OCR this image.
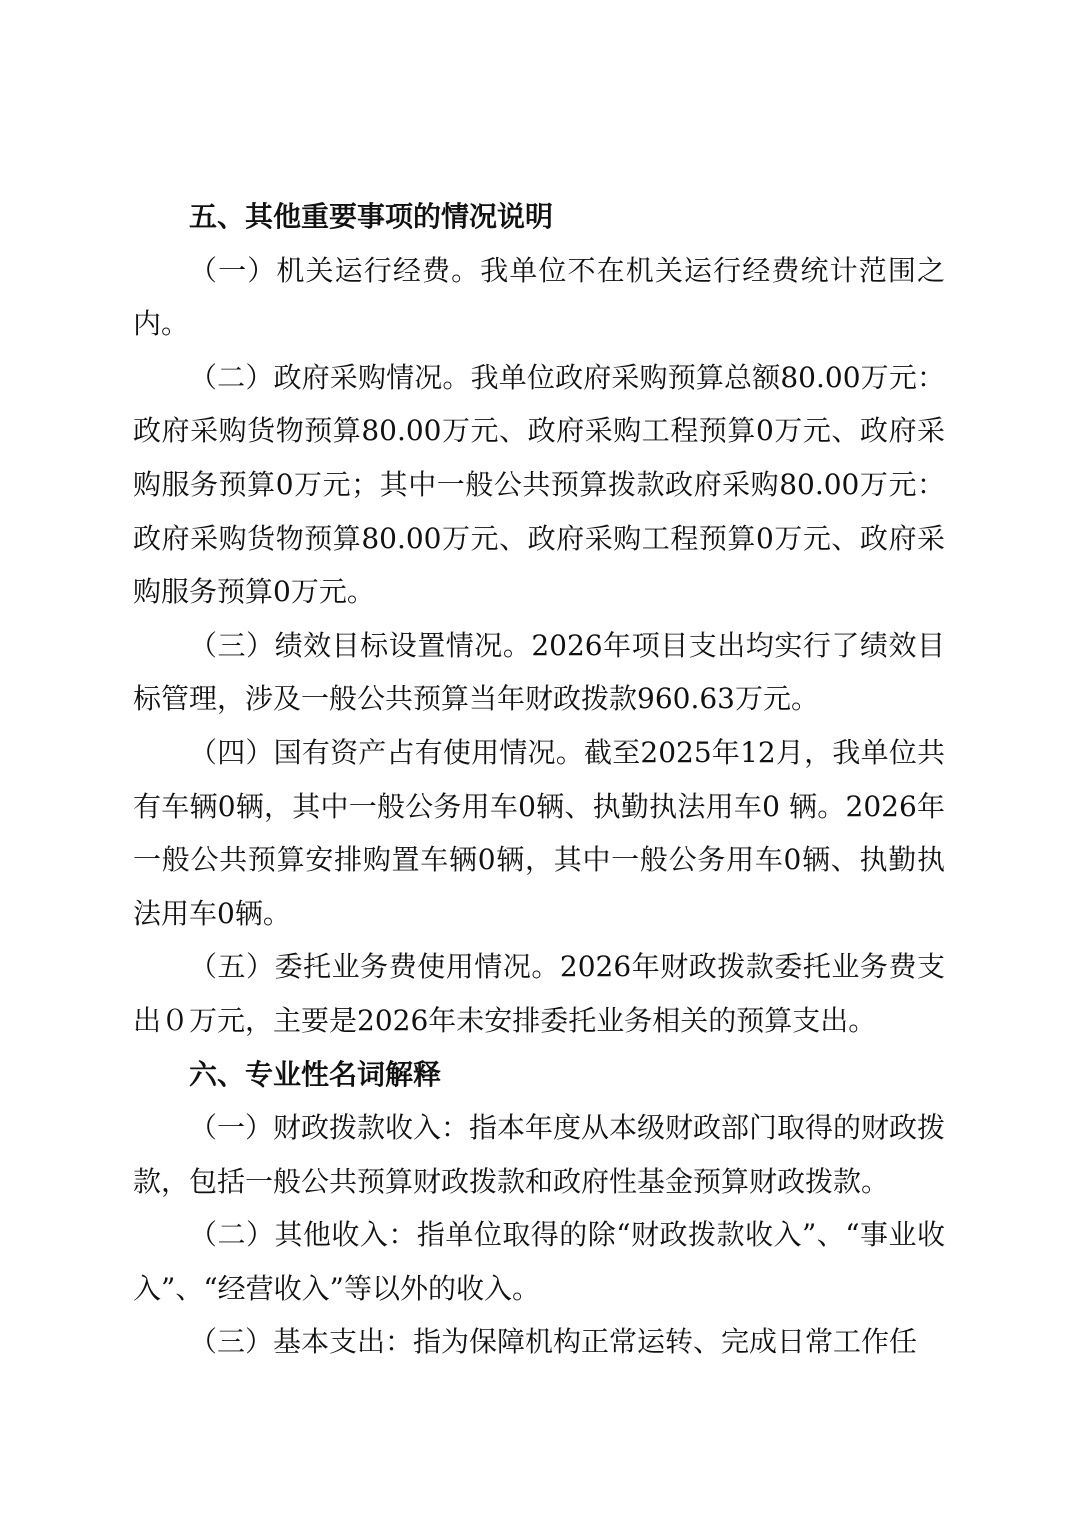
五、其他重要事项的情况说明

（一）机关运行经费。我单位不在机关运行经费统计范围之内。

（二）政府采购情况。我单位政府采购预算总额80.00万元：政府采购货物预算80.00万元、政府采购工程预算0万元、政府采购服务预算0万元；其中一般公共预算拨款政府采购80.00万元：政府采购货物预算80.00万元、政府采购工程预算0万元、政府采购服务预算0万元。

（三）绩效目标设置情况。2026年项目支出均实行了绩效目标管理，涉及一般公共预算当年财政拨款960.63万元。

（四）国有资产占有使用情况。截至2025年12月，我单位共有车辆0辆，其中一般公务用车0辆、执勤执法用车0 辆。2026年一般公共预算安排购置车辆0辆，其中一般公务用车0辆、执勤执法用车0辆。

（五）委托业务费使用情况。2026年财政拨款委托业务费支出０万元，主要是2026年未安排委托业务相关的预算支出。

六、专业性名词解释

（一）财政拨款收入：指本年度从本级财政部门取得的财政拨款，包括一般公共预算财政拨款和政府性基金预算财政拨款。

（二）其他收入：指单位取得的除“财政拨款收入”、“事业收入”、“经营收入”等以外的收入。

（三）基本支出：指为保障机构正常运转、完成日常工作任
